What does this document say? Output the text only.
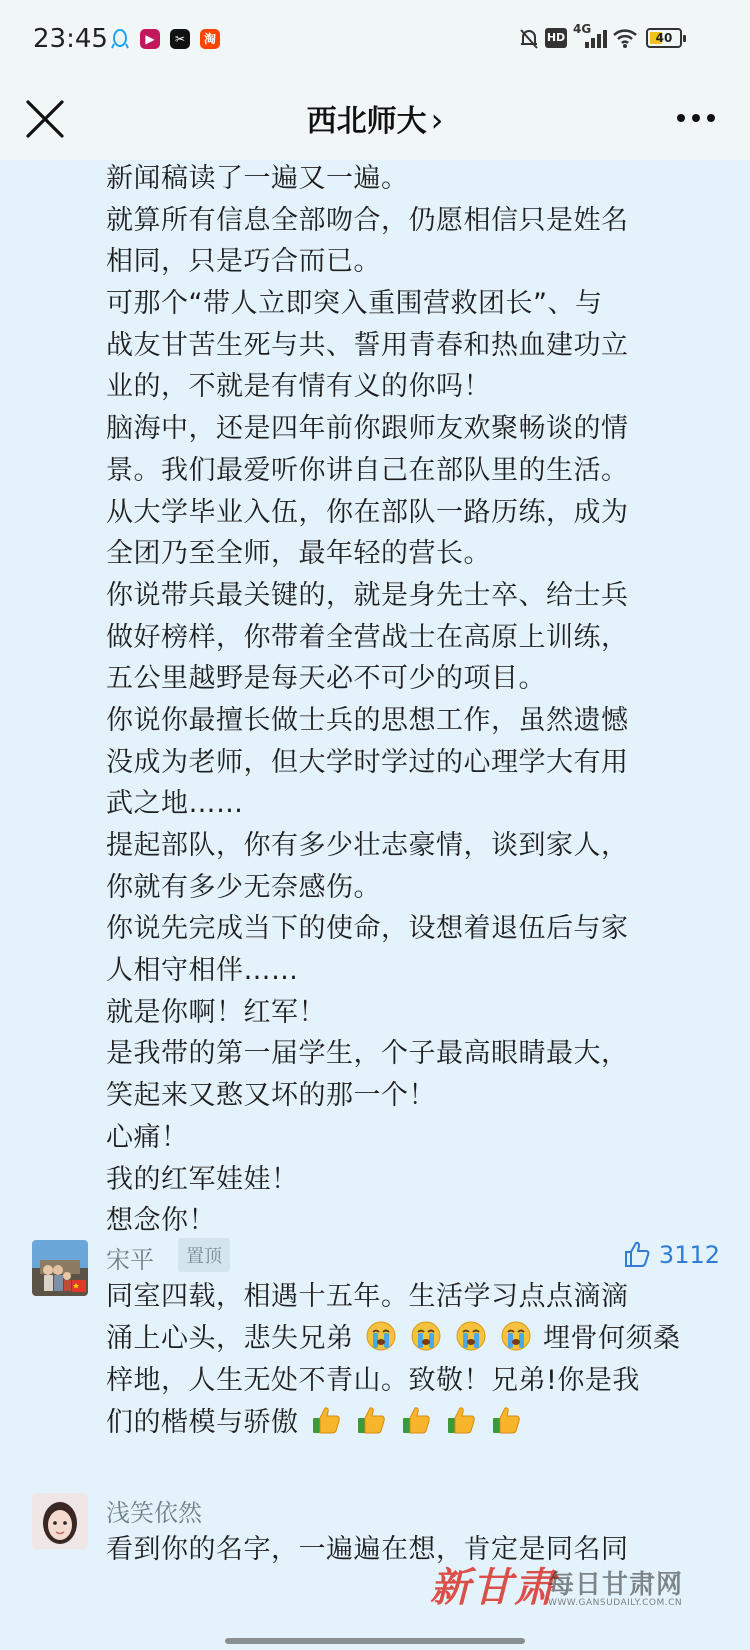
23:45	▶	✂	淘	HD
4G
40
西北师大 ›
新闻稿读了一遍又一遍。
就算所有信息全部吻合，仍愿相信只是姓名
相同，只是巧合而已。
可那个“带人立即突入重围营救团长”、与
战友甘苦生死与共、誓用青春和热血建功立
业的，不就是有情有义的你吗！
脑海中，还是四年前你跟师友欢聚畅谈的情
景。我们最爱听你讲自己在部队里的生活。
从大学毕业入伍，你在部队一路历练，成为
全团乃至全师，最年轻的营长。
你说带兵最关键的，就是身先士卒、给士兵
做好榜样，你带着全营战士在高原上训练，
五公里越野是每天必不可少的项目。
你说你最擅长做士兵的思想工作，虽然遗憾
没成为老师，但大学时学过的心理学大有用
武之地……
提起部队，你有多少壮志豪情，谈到家人，
你就有多少无奈感伤。
你说先完成当下的使命，设想着退伍后与家
人相守相伴……
就是你啊！红军！
是我带的第一届学生，个子最高眼睛最大，
笑起来又憨又坏的那一个！
心痛！
我的红军娃娃！
想念你！
宋平	置顶	3112
同室四载，相遇十五年。生活学习点点滴滴
涌上心头，悲失兄弟	埋骨何须桑
梓地，人生无处不青山。致敬！兄弟!你是我
们的楷模与骄傲
浅笑依然
看到你的名字，一遍遍在想，肯定是同名同
新甘肃
每日甘肃网
WWW.GANSUDAILY.COM.CN
